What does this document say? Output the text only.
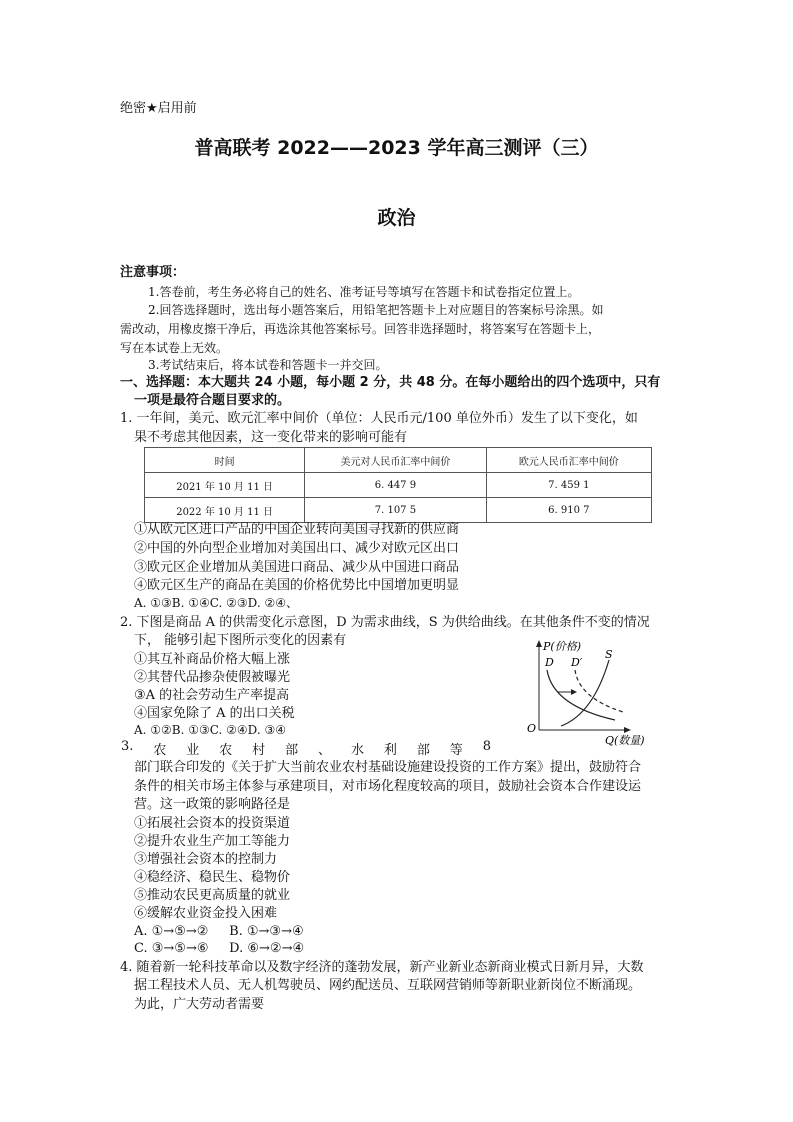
绝密★启用前
普高联考 2022——2023 学年高三测评（三）
政治
注意事项：
1.答卷前，考生务必将自己的姓名、准考证号等填写在答题卡和试卷指定位置上。
2.回答选择题时，选出每小题答案后，用铅笔把答题卡上对应题目的答案标号涂黑。如
需改动，用橡皮擦干净后，再选涂其他答案标号。回答非选择题时，将答案写在答题卡上，
写在本试卷上无效。
3.考试结束后，将本试卷和答题卡一并交回。
一、选择题：本大题共 24 小题，每小题 2 分，共 48 分。在每小题给出的四个选项中，只有
一项是最符合题目要求的。
1. 一年间，美元、欧元汇率中间价（单位：人民币元/100 单位外币）发生了以下变化，如
果不考虑其他因素，这一变化带来的影响可能有
时间	美元对人民币汇率中间价	欧元人民币汇率中间价
2021 年 10 月 11 日	6. 447 9	7. 459 1
2022 年 10 月 11 日	7. 107 5	6. 910 7
①从欧元区进口产品的中国企业转向美国寻找新的供应商
②中国的外向型企业增加对美国出口、减少对欧元区出口
③欧元区企业增加从美国进口商品、减少从中国进口商品
④欧元区生产的商品在美国的价格优势比中国增加更明显
A. ①③B. ①④C. ②③D. ②④、
2. 下图是商品 A 的供需变化示意图，D 为需求曲线，S 为供给曲线。在其他条件不变的情况
下， 能够引起下图所示变化的因素有
①其互补商品价格大幅上涨
②其替代品掺杂使假被曝光
③A 的社会劳动生产率提高
④国家免除了 A 的出口关税
A. ①②B. ①③C. ②④D. ③④
P(价格)
D D′
S
O
Q(数量)
3. 农 业 农 村 部 、 水 利 部 等 8
部门联合印发的《关于扩大当前农业农村基础设施建设投资的工作方案》提出，鼓励符合
条件的相关市场主体参与承建项目，对市场化程度较高的项目，鼓励社会资本合作建设运
营。这一政策的影响路径是
①拓展社会资本的投资渠道
②提升农业生产加工等能力
③增强社会资本的控制力
④稳经济、稳民生、稳物价
⑤推动农民更高质量的就业
⑥缓解农业资金投入困难
A. ①→⑤→②     B. ①→③→④
C. ③→⑤→⑥     D. ⑥→②→④
4. 随着新一轮科技革命以及数字经济的蓬勃发展，新产业新业态新商业模式日新月异，大数
据工程技术人员、无人机驾驶员、网约配送员、互联网营销师等新职业新岗位不断涌现。
为此，广大劳动者需要
